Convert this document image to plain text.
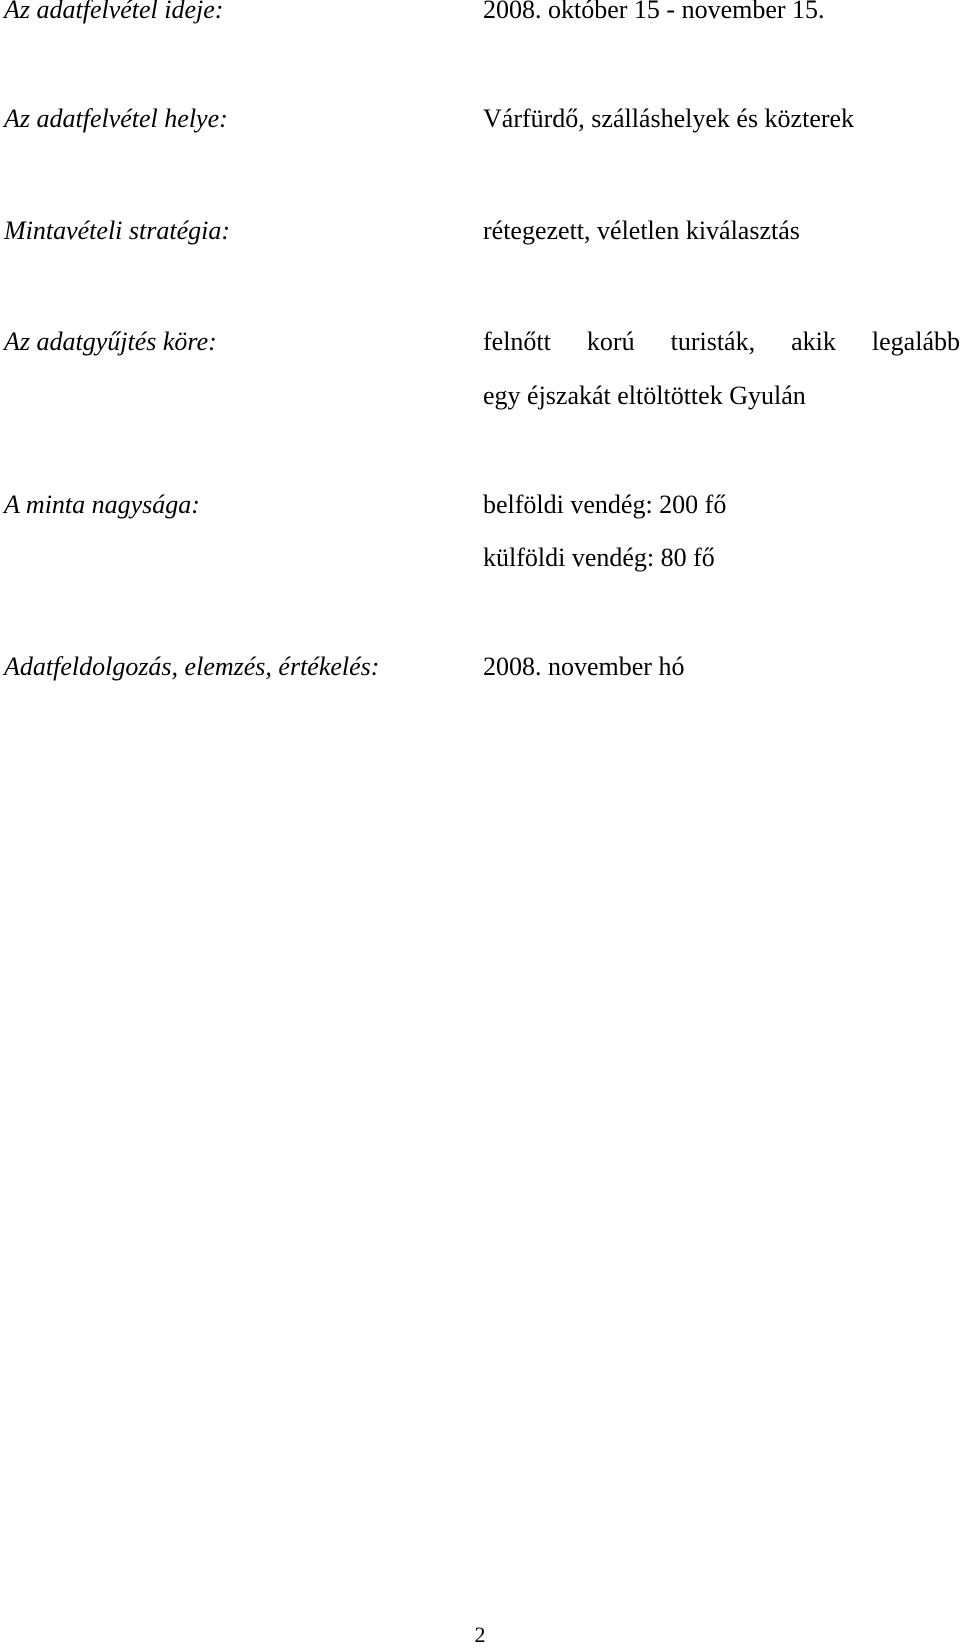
Az adatfelvétel ideje:	2008. október 15 - november 15.
Az adatfelvétel helye:	Várfürdő, szálláshelyek és közterek
Mintavételi stratégia:	rétegezett, véletlen kiválasztás
Az adatgyűjtés köre:	felnőtt korú turisták, akik legalább
egy éjszakát eltöltöttek Gyulán
A minta nagysága:	belföldi vendég: 200 fő
külföldi vendég: 80 fő
Adatfeldolgozás, elemzés, értékelés:	2008. november hó
2
